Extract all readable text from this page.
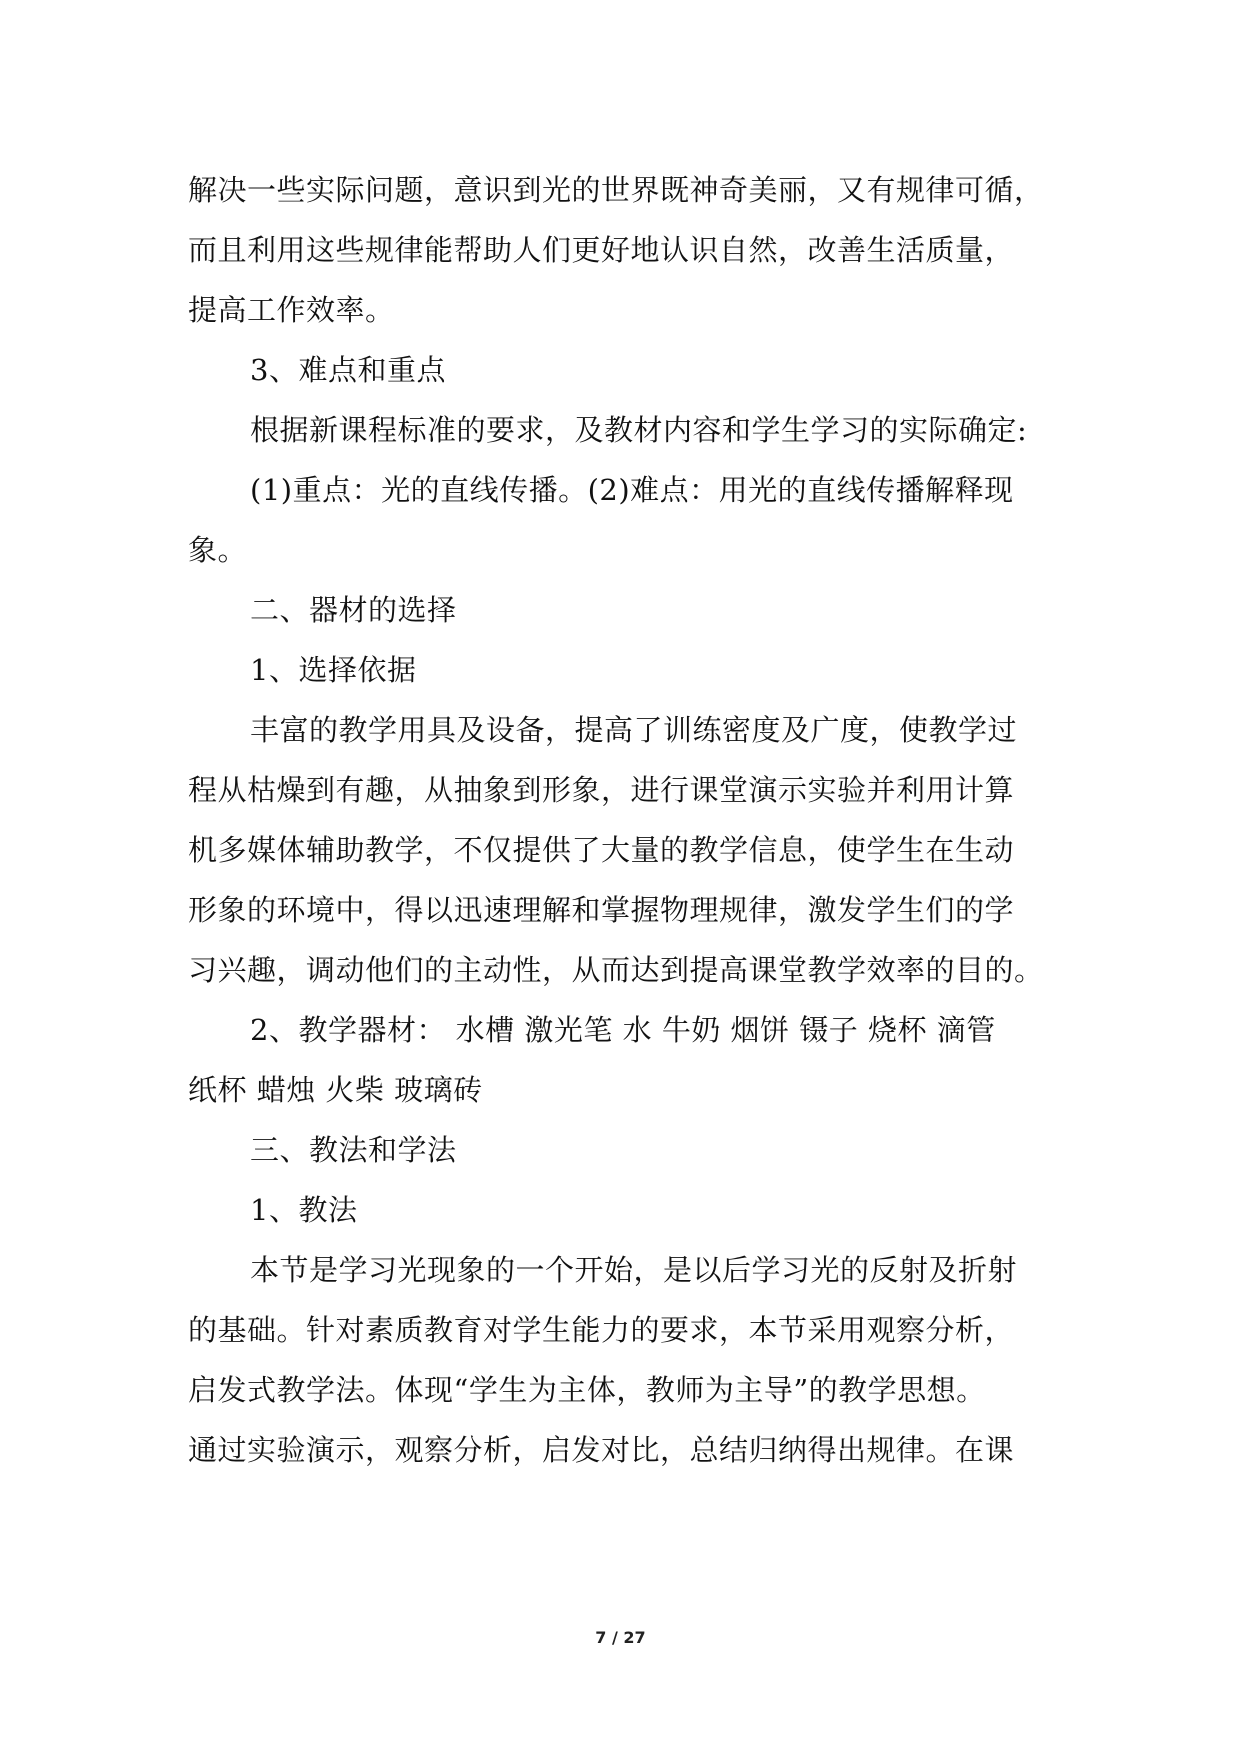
解决一些实际问题，意识到光的世界既神奇美丽，又有规律可循，
而且利用这些规律能帮助人们更好地认识自然，改善生活质量，
提高工作效率。
3、难点和重点
根据新课程标准的要求，及教材内容和学生学习的实际确定:
(1)重点：光的直线传播。(2)难点：用光的直线传播解释现
象。
二、器材的选择
1、选择依据
丰富的教学用具及设备，提高了训练密度及广度，使教学过
程从枯燥到有趣，从抽象到形象，进行课堂演示实验并利用计算
机多媒体辅助教学，不仅提供了大量的教学信息，使学生在生动
形象的环境中，得以迅速理解和掌握物理规律，激发学生们的学
习兴趣，调动他们的主动性，从而达到提高课堂教学效率的目的。
2、教学器材： 水槽 激光笔 水 牛奶 烟饼 镊子 烧杯 滴管
纸杯 蜡烛 火柴 玻璃砖
三、教法和学法
1、教法
本节是学习光现象的一个开始，是以后学习光的反射及折射
的基础。针对素质教育对学生能力的要求，本节采用观察分析，
启发式教学法。体现“学生为主体，教师为主导”的教学思想。
通过实验演示，观察分析，启发对比，总结归纳得出规律。在课
7 / 27
